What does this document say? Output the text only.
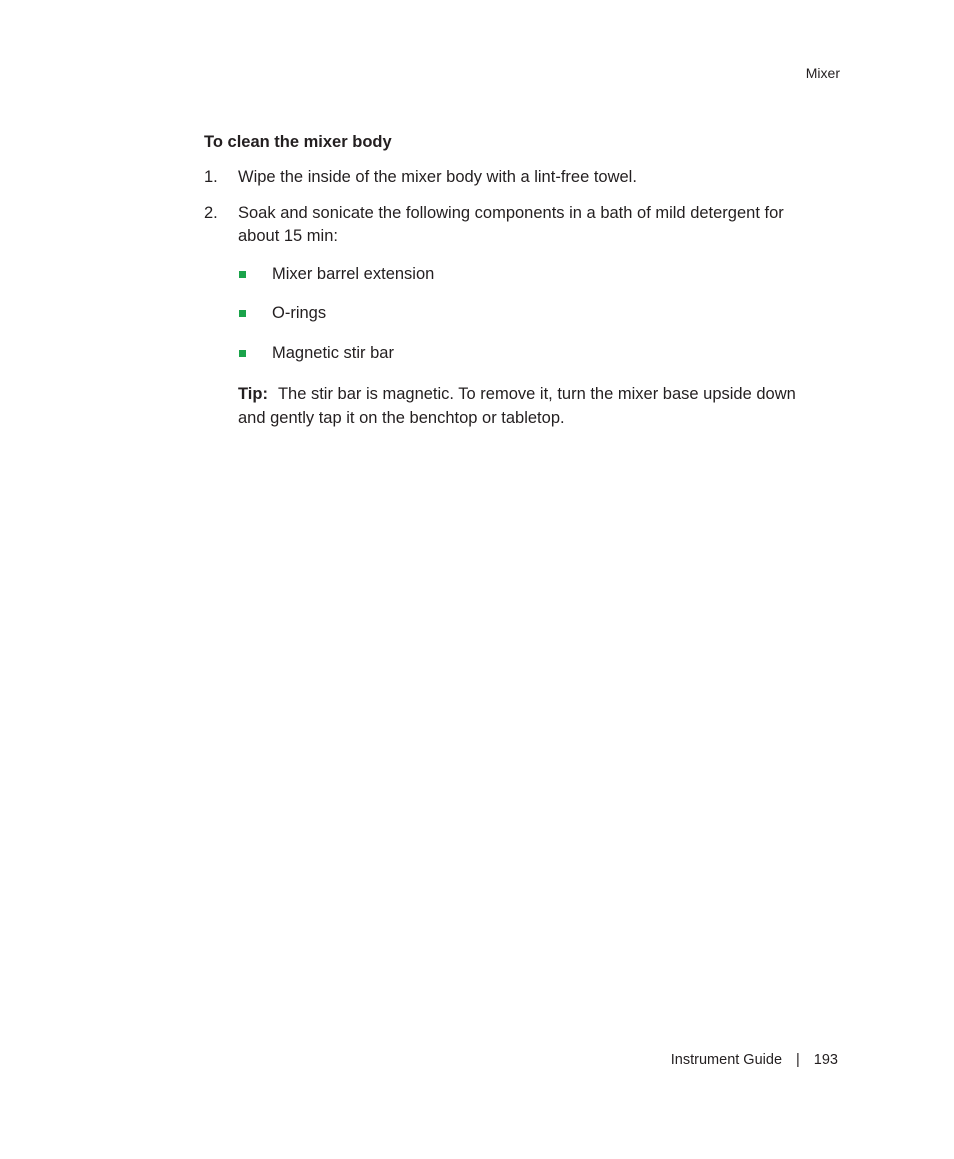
Mixer
To clean the mixer body
1. Wipe the inside of the mixer body with a lint-free towel.
2. Soak and sonicate the following components in a bath of mild detergent for about 15 min:
Mixer barrel extension
O-rings
Magnetic stir bar
Tip: The stir bar is magnetic. To remove it, turn the mixer base upside down and gently tap it on the benchtop or tabletop.
Instrument Guide | 193
